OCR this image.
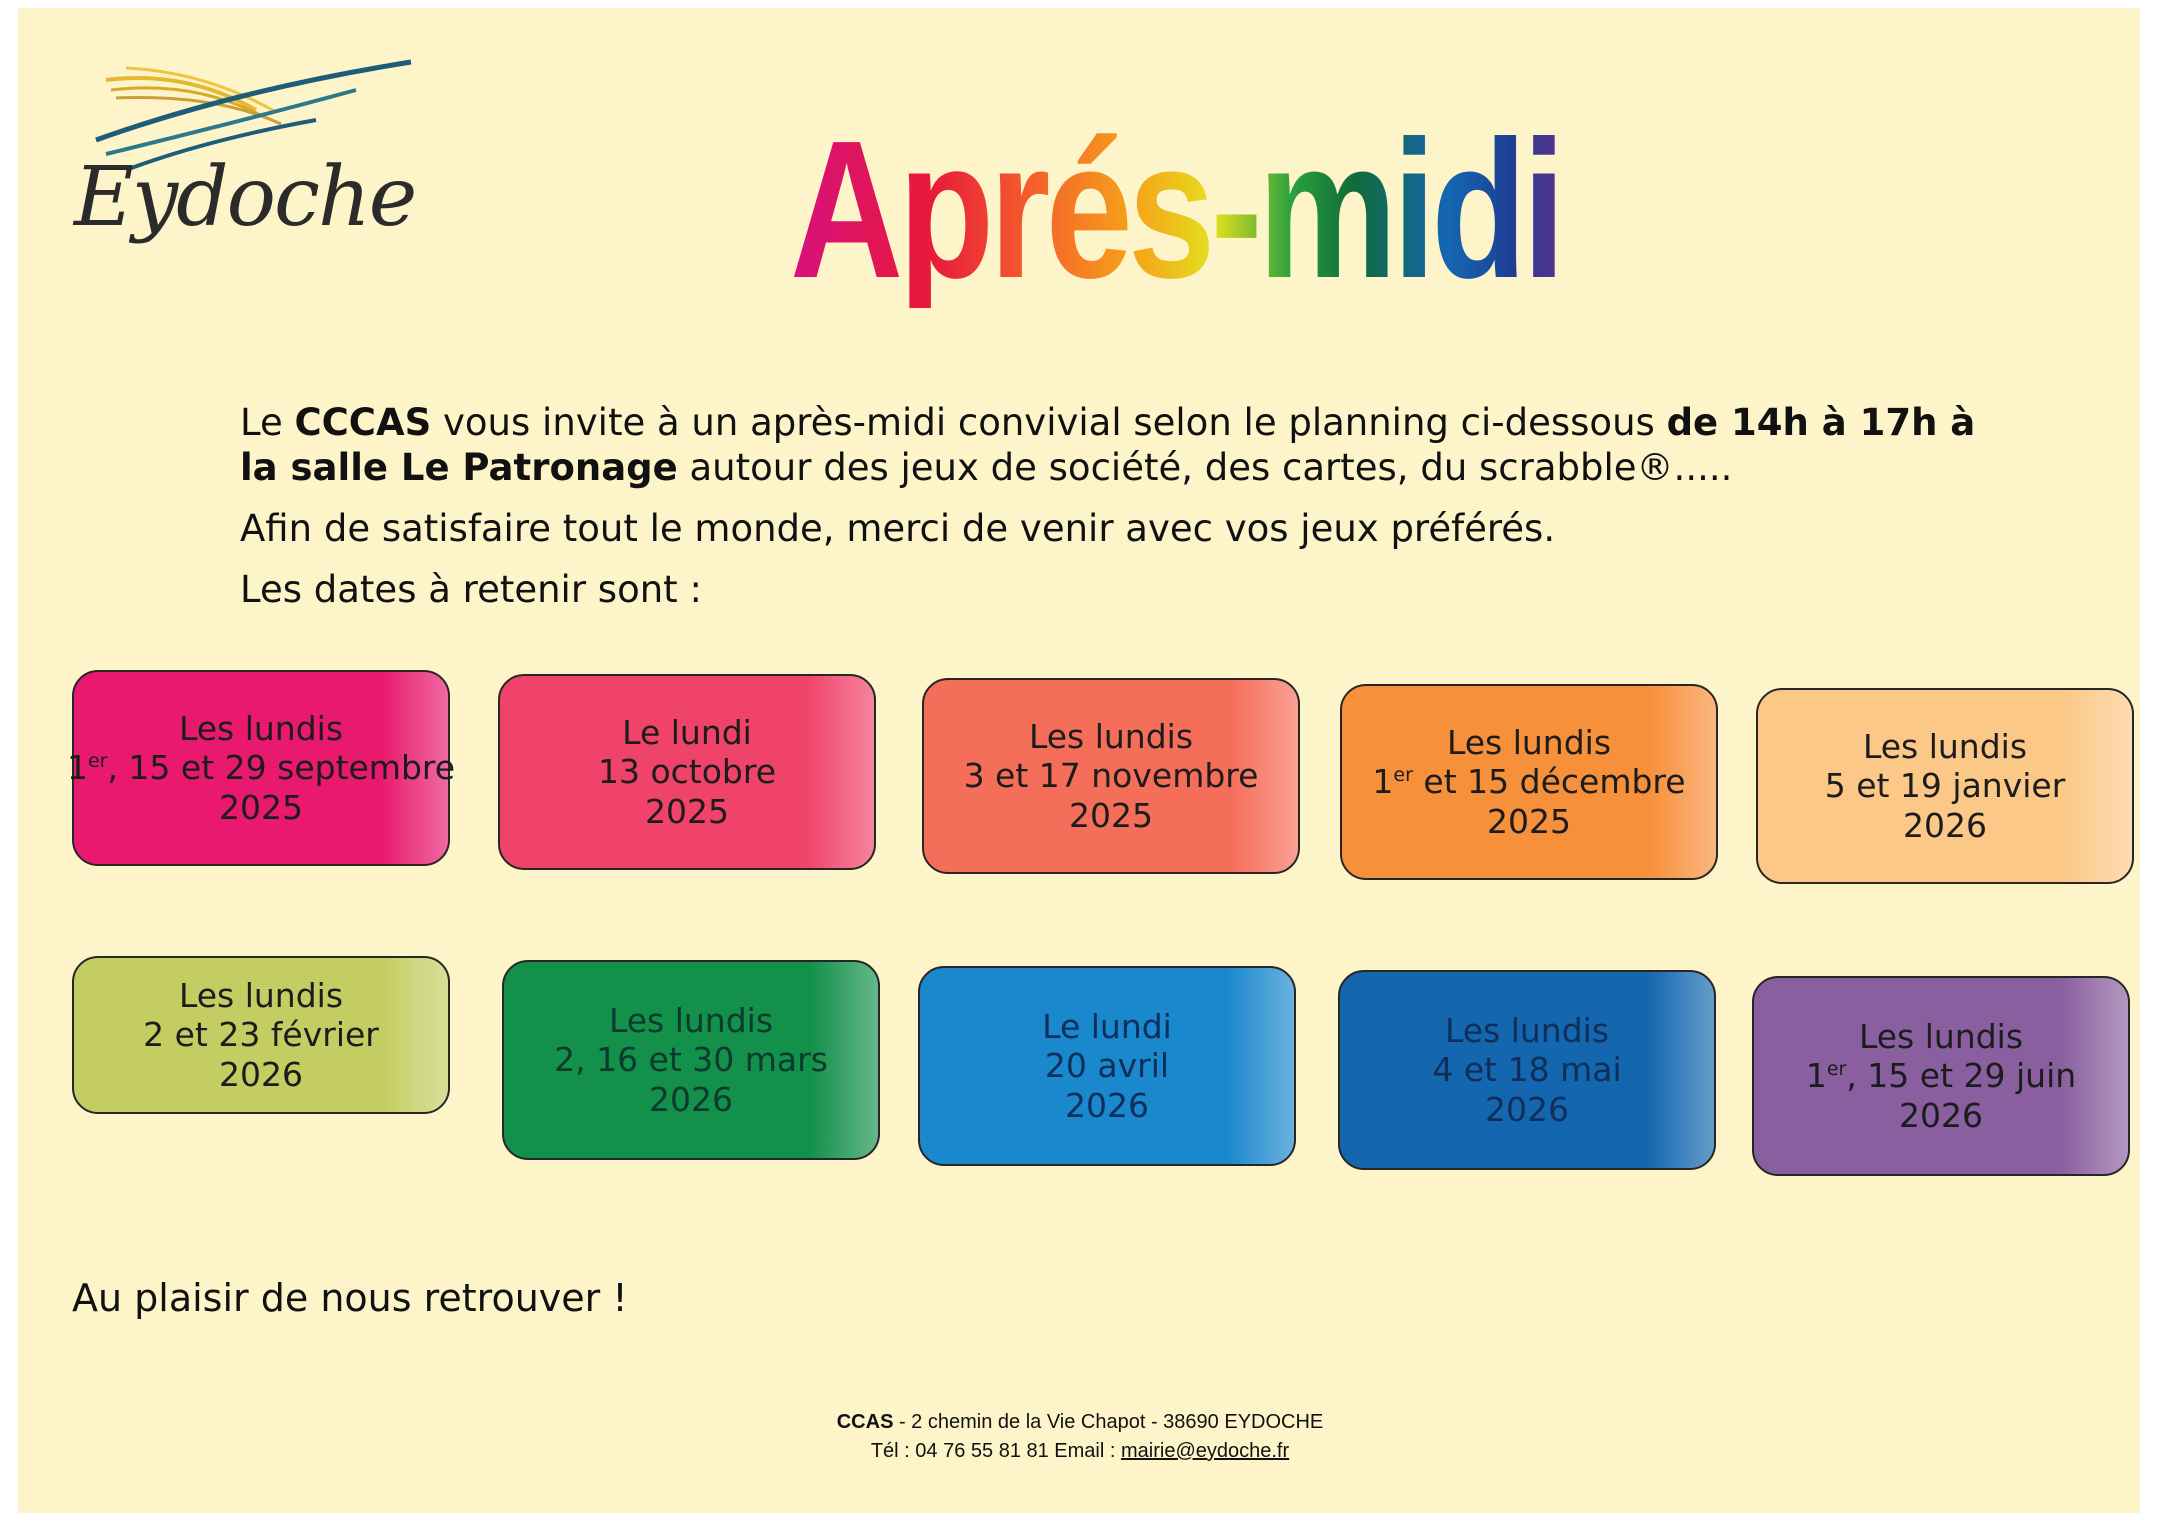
Eydoche Aprés-midi jeux

Le CCCAS vous invite à un après-midi convivial selon le planning ci-dessous de 14h à 17h à la salle Le Patronage autour des jeux de société, des cartes, du scrabble®.....

Afin de satisfaire tout le monde, merci de venir avec vos jeux préférés.

Les dates à retenir sont :

Les lundis
1er, 15 et 29 septembre
2025
Le lundi
13 octobre
2025
Les lundis
3 et 17 novembre
2025
Les lundis
1er et 15 décembre
2025
Les lundis
5 et 19 janvier
2026
Les lundis
2 et 23 février
2026
Les lundis
2, 16 et 30 mars
2026
Le lundi
20 avril
2026
Les lundis
4 et 18 mai
2026
Les lundis
1er, 15 et 29 juin
2026
Au plaisir de nous retrouver !
CCAS - 2 chemin de la Vie Chapot - 38690 EYDOCHE
Tél : 04 76 55 81 81 Email : mairie@eydoche.fr
